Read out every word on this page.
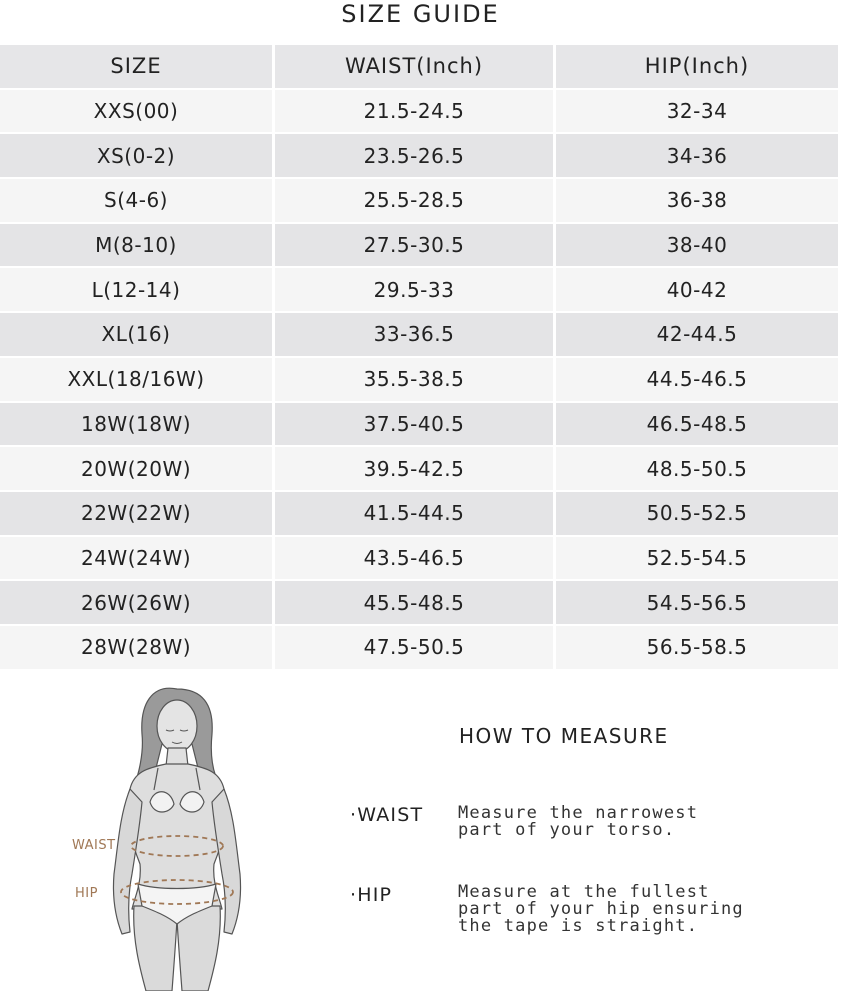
SIZE GUIDE
SIZE	WAIST(Inch)	HIP(Inch)
XXS(00)	21.5-24.5	32-34
XS(0-2)	23.5-26.5	34-36
S(4-6)	25.5-28.5	36-38
M(8-10)	27.5-30.5	38-40
L(12-14)	29.5-33	40-42
XL(16)	33-36.5	42-44.5
XXL(18/16W)	35.5-38.5	44.5-46.5
18W(18W)	37.5-40.5	46.5-48.5
20W(20W)	39.5-42.5	48.5-50.5
22W(22W)	41.5-44.5	50.5-52.5
24W(24W)	43.5-46.5	52.5-54.5
26W(26W)	45.5-48.5	54.5-56.5
28W(28W)	47.5-50.5	56.5-58.5
WAIST
HIP
HOW TO MEASURE
·WAIST Measure the narrowest part of your torso.
·HIP	Measure at the fullest part of your hip ensuring the tape is straight.
